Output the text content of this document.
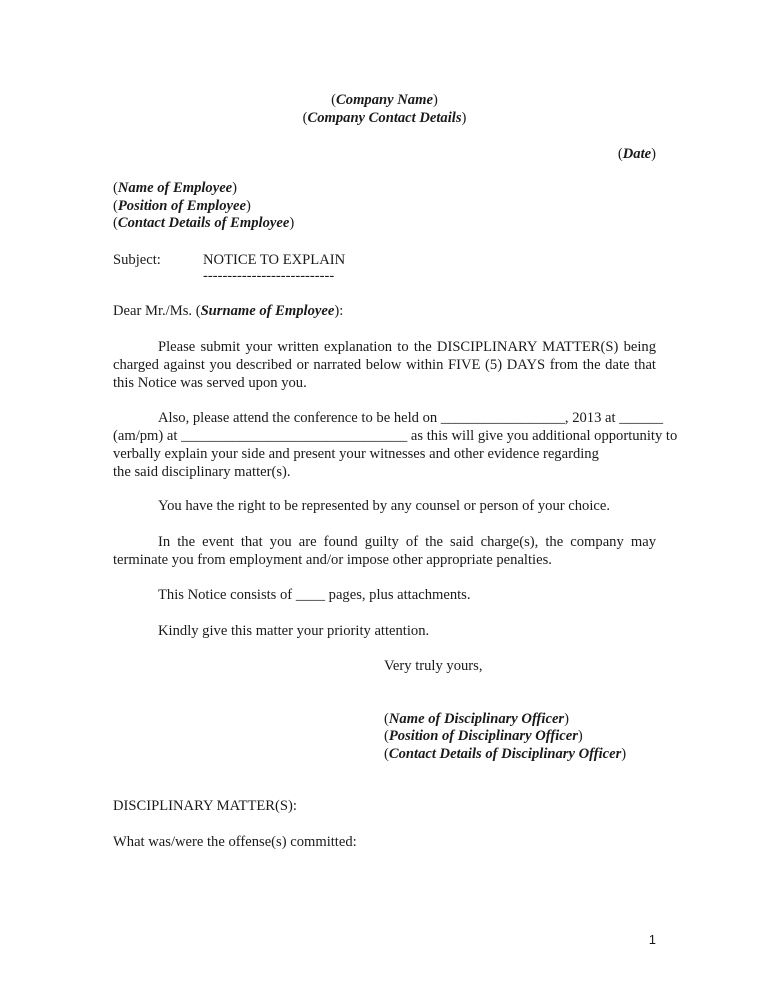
(Company Name)
(Company Contact Details)
(Date)
(Name of Employee)
(Position of Employee)
(Contact Details of Employee)
Subject:	NOTICE TO EXPLAIN
---------------------------
Dear Mr./Ms. (Surname of Employee):
Please submit your written explanation to the DISCIPLINARY MATTER(S) being charged against you described or narrated below within FIVE (5) DAYS from the date that this Notice was served upon you.
Also, please attend the conference to be held on _________________, 2013 at ______
(am/pm) at _______________________________ as this will give you additional opportunity to
verbally explain your side and present your witnesses and other evidence regarding
the said disciplinary matter(s).
You have the right to be represented by any counsel or person of your choice.
In the event that you are found guilty of the said charge(s), the company may terminate you from employment and/or impose other appropriate penalties.
This Notice consists of ____ pages, plus attachments.
Kindly give this matter your priority attention.
Very truly yours,
(Name of Disciplinary Officer)
(Position of Disciplinary Officer)
(Contact Details of Disciplinary Officer)
DISCIPLINARY MATTER(S):
What was/were the offense(s) committed:
1
